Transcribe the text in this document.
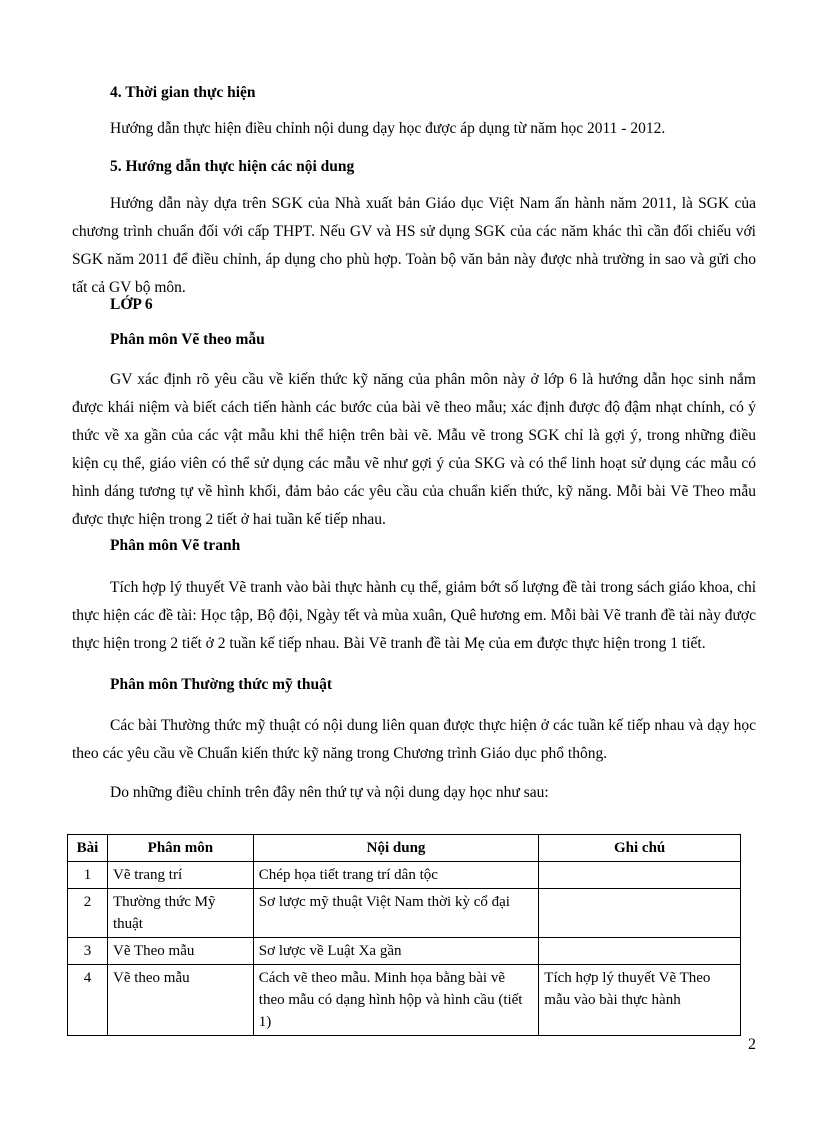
4. Thời gian thực hiện
Hướng dẫn thực hiện điều chỉnh nội dung dạy học được áp dụng từ năm học 2011 - 2012.
5. Hướng dẫn thực hiện các nội dung
Hướng dẫn này dựa trên SGK của Nhà xuất bản Giáo dục Việt Nam ấn hành năm 2011, là SGK của chương trình chuẩn đối với cấp THPT. Nếu GV và HS sử dụng SGK của các năm khác thì cần đối chiếu với SGK năm 2011 để điều chỉnh, áp dụng cho phù hợp. Toàn bộ văn bản này được nhà trường in sao và gửi cho tất cả GV bộ môn.
LỚP 6
Phân môn Vẽ theo mẫu
GV xác định rõ yêu cầu về kiến thức kỹ năng của phân môn này ở lớp 6 là hướng dẫn học sinh nắm được khái niệm và biết cách tiến hành các bước của bài vẽ theo mẫu; xác định được độ đậm nhạt chính, có ý thức về xa gần của các vật mẫu khi thể hiện trên bài vẽ. Mẫu vẽ trong SGK chỉ là gợi ý, trong những điều kiện cụ thể, giáo viên có thể sử dụng các mẫu vẽ như gợi ý của SKG và có thể linh hoạt sử dụng các mẫu có hình dáng tương tự về hình khối, đảm bảo các yêu cầu của chuẩn kiến thức, kỹ năng. Mỗi bài Vẽ Theo mẫu được thực hiện trong 2 tiết ở hai tuần kế tiếp nhau.
Phân môn Vẽ tranh
Tích hợp lý thuyết Vẽ tranh vào bài thực hành cụ thể, giảm bớt số lượng đề tài trong sách giáo khoa, chỉ thực hiện các đề tài: Học tập, Bộ đội, Ngày tết và mùa xuân, Quê hương em. Mỗi bài Vẽ tranh đề tài này được thực hiện trong 2 tiết ở 2 tuần kế tiếp nhau. Bài Vẽ tranh đề tài Mẹ của em được thực hiện trong 1 tiết.
Phân môn Thường thức mỹ thuật
Các bài Thường thức mỹ thuật có nội dung liên quan được thực hiện ở các tuần kế tiếp nhau và dạy học theo các yêu cầu về Chuẩn kiến thức kỹ năng trong Chương trình Giáo dục phổ thông.
Do những điều chỉnh trên đây nên thứ tự và nội dung dạy học như sau:
Bài	Phân môn	Nội dung	Ghi chú
1	Vẽ trang trí	Chép họa tiết trang trí dân tộc	
2	Thường thức Mỹ thuật	Sơ lược mỹ thuật Việt Nam thời kỳ cổ đại	
3	Vẽ Theo mẫu	Sơ lược về Luật Xa gần	
4	Vẽ theo mẫu	Cách vẽ theo mẫu. Minh họa bằng bài vẽ theo mẫu có dạng hình hộp và hình cầu (tiết 1)	Tích hợp lý thuyết Vẽ Theo mẫu vào bài thực hành
2
